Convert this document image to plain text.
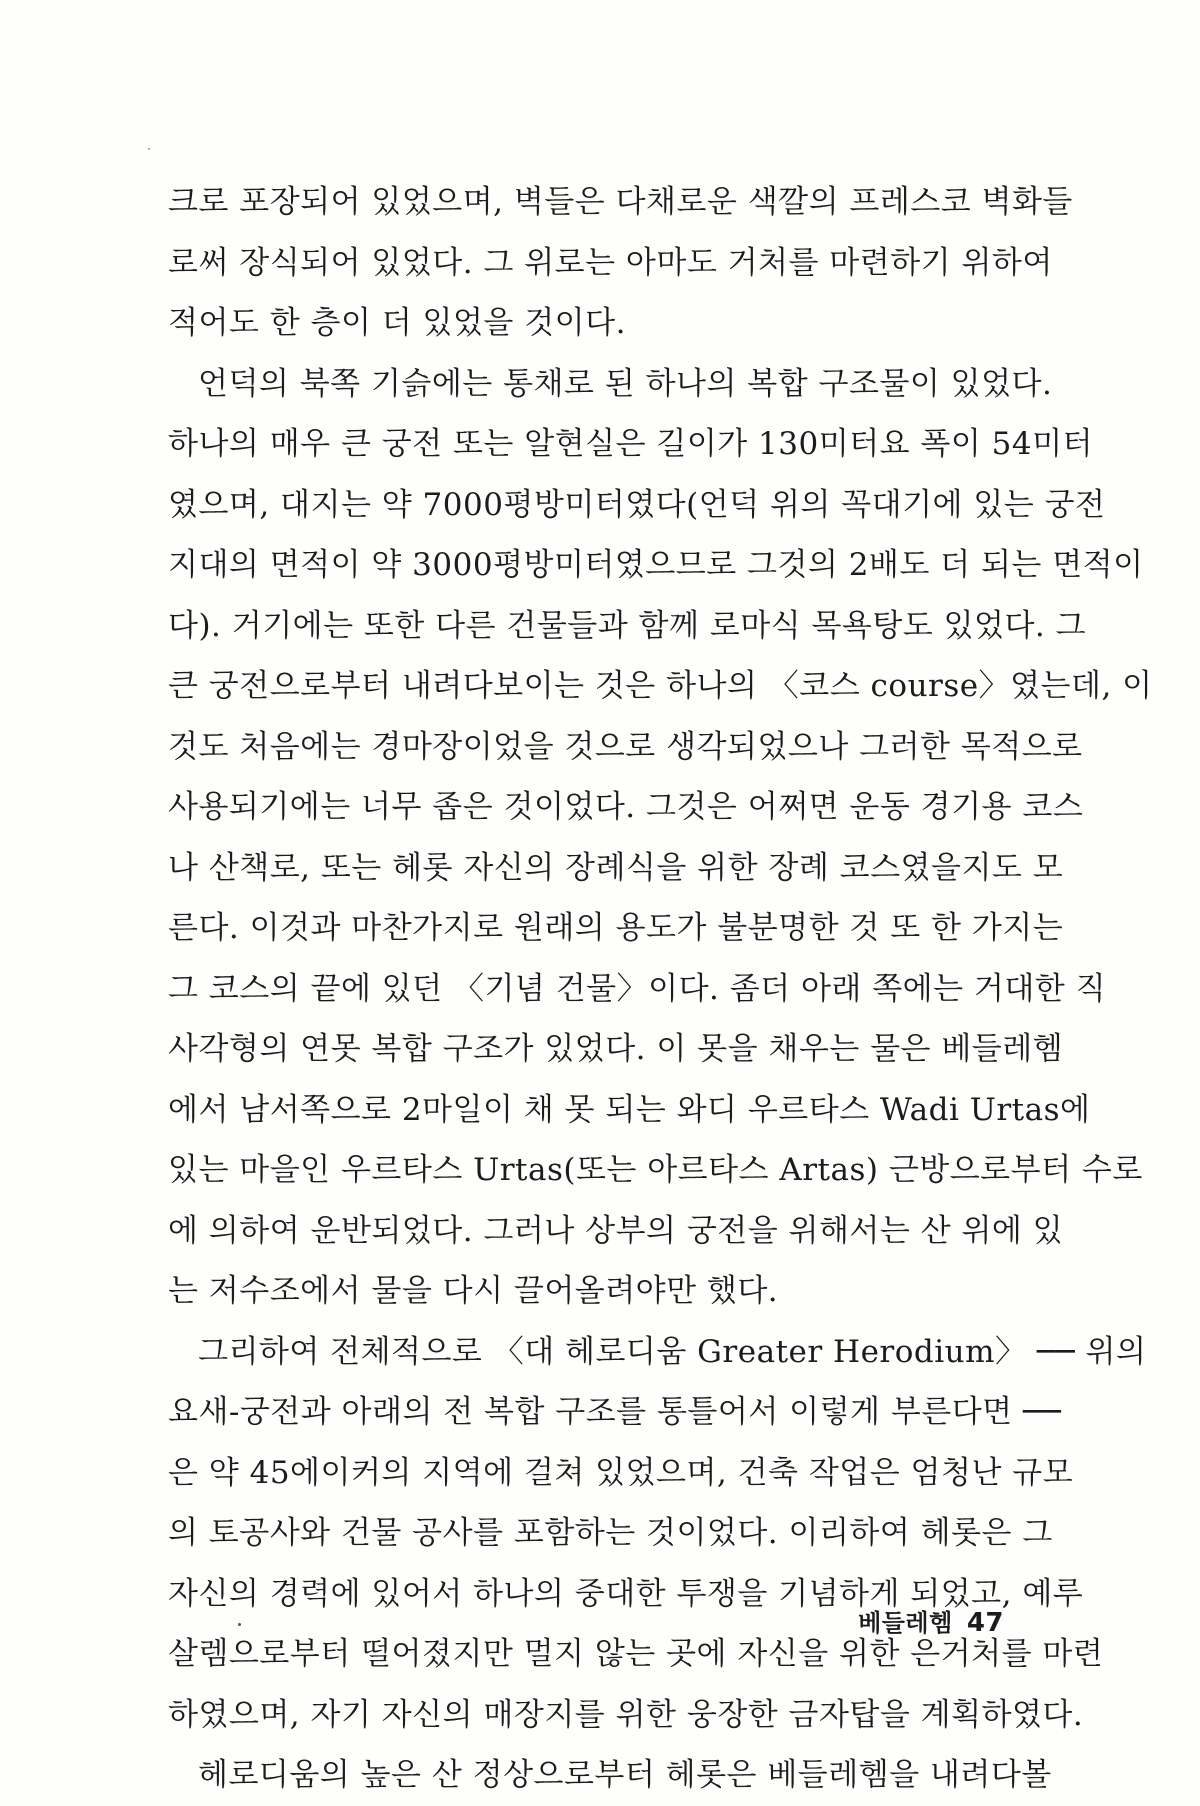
크로 포장되어 있었으며, 벽들은 다채로운 색깔의 프레스코 벽화들
로써 장식되어 있었다. 그 위로는 아마도 거처를 마련하기 위하여
적어도 한 층이 더 있었을 것이다.
언덕의 북쪽 기슭에는 통채로 된 하나의 복합 구조물이 있었다.
하나의 매우 큰 궁전 또는 알현실은 길이가 130미터요 폭이 54미터
였으며, 대지는 약 7000평방미터였다(언덕 위의 꼭대기에 있는 궁전
지대의 면적이 약 3000평방미터였으므로 그것의 2배도 더 되는 면적이
다). 거기에는 또한 다른 건물들과 함께 로마식 목욕탕도 있었다. 그
큰 궁전으로부터 내려다보이는 것은 하나의 〈코스 course〉였는데, 이
것도 처음에는 경마장이었을 것으로 생각되었으나 그러한 목적으로
사용되기에는 너무 좁은 것이었다. 그것은 어쩌면 운동 경기용 코스
나 산책로, 또는 헤롯 자신의 장례식을 위한 장례 코스였을지도 모
른다. 이것과 마찬가지로 원래의 용도가 불분명한 것 또 한 가지는
그 코스의 끝에 있던 〈기념 건물〉이다. 좀더 아래 쪽에는 거대한 직
사각형의 연못 복합 구조가 있었다. 이 못을 채우는 물은 베들레헴
에서 남서쪽으로 2마일이 채 못 되는 와디 우르타스 Wadi Urtas에
있는 마을인 우르타스 Urtas(또는 아르타스 Artas) 근방으로부터 수로
에 의하여 운반되었다. 그러나 상부의 궁전을 위해서는 산 위에 있
는 저수조에서 물을 다시 끌어올려야만 했다.
그리하여 전체적으로 〈대 헤로디움 Greater Herodium〉 ── 위의
요새-궁전과 아래의 전 복합 구조를 통틀어서 이렇게 부른다면 ──
은 약 45에이커의 지역에 걸쳐 있었으며, 건축 작업은 엄청난 규모
의 토공사와 건물 공사를 포함하는 것이었다. 이리하여 헤롯은 그
자신의 경력에 있어서 하나의 중대한 투쟁을 기념하게 되었고, 예루
살렘으로부터 떨어졌지만 멀지 않는 곳에 자신을 위한 은거처를 마련
하였으며, 자기 자신의 매장지를 위한 웅장한 금자탑을 계획하였다.
헤로디움의 높은 산 정상으로부터 헤롯은 베들레헴을 내려다볼
베들레헴 47
